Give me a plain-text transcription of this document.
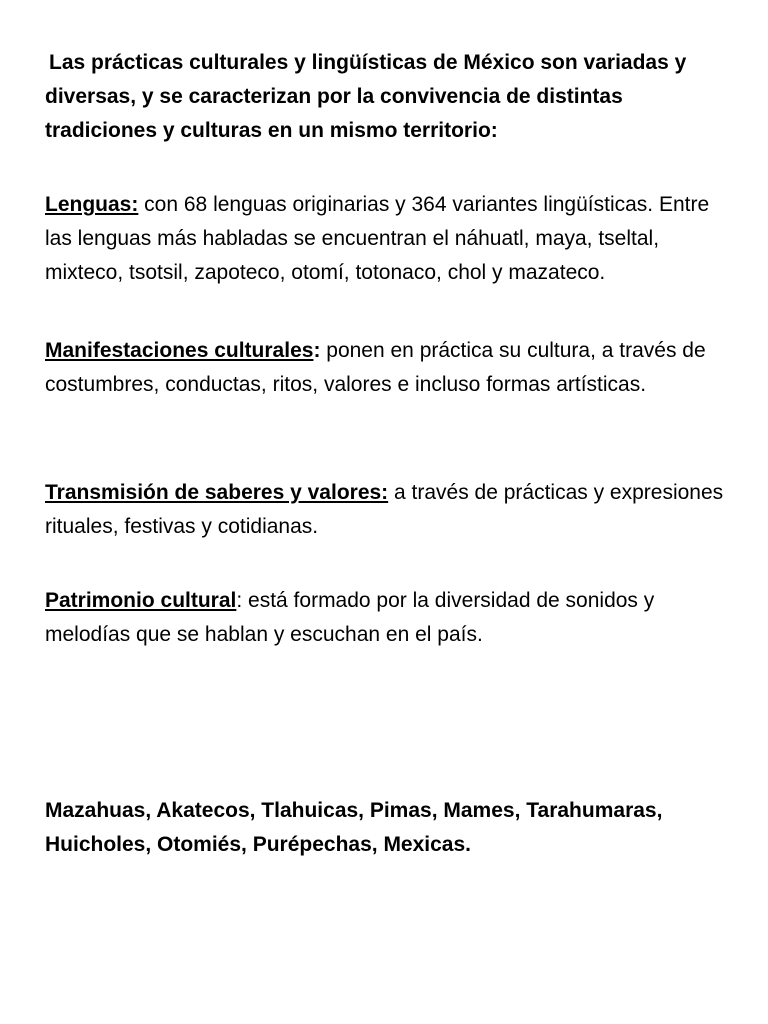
Las prácticas culturales y lingüísticas de México son variadas y diversas, y se caracterizan por la convivencia de distintas tradiciones y culturas en un mismo territorio:

Lenguas: con 68 lenguas originarias y 364 variantes lingüísticas. Entre las lenguas más habladas se encuentran el náhuatl, maya, tseltal, mixteco, tsotsil, zapoteco, otomí, totonaco, chol y mazateco.

Manifestaciones culturales: ponen en práctica su cultura, a través de costumbres, conductas, ritos, valores e incluso formas artísticas.

Transmisión de saberes y valores: a través de prácticas y expresiones rituales, festivas y cotidianas.

Patrimonio cultural: está formado por la diversidad de sonidos y melodías que se hablan y escuchan en el país.

Mazahuas, Akatecos, Tlahuicas, Pimas, Mames, Tarahumaras, Huicholes, Otomiés, Purépechas, Mexicas.
